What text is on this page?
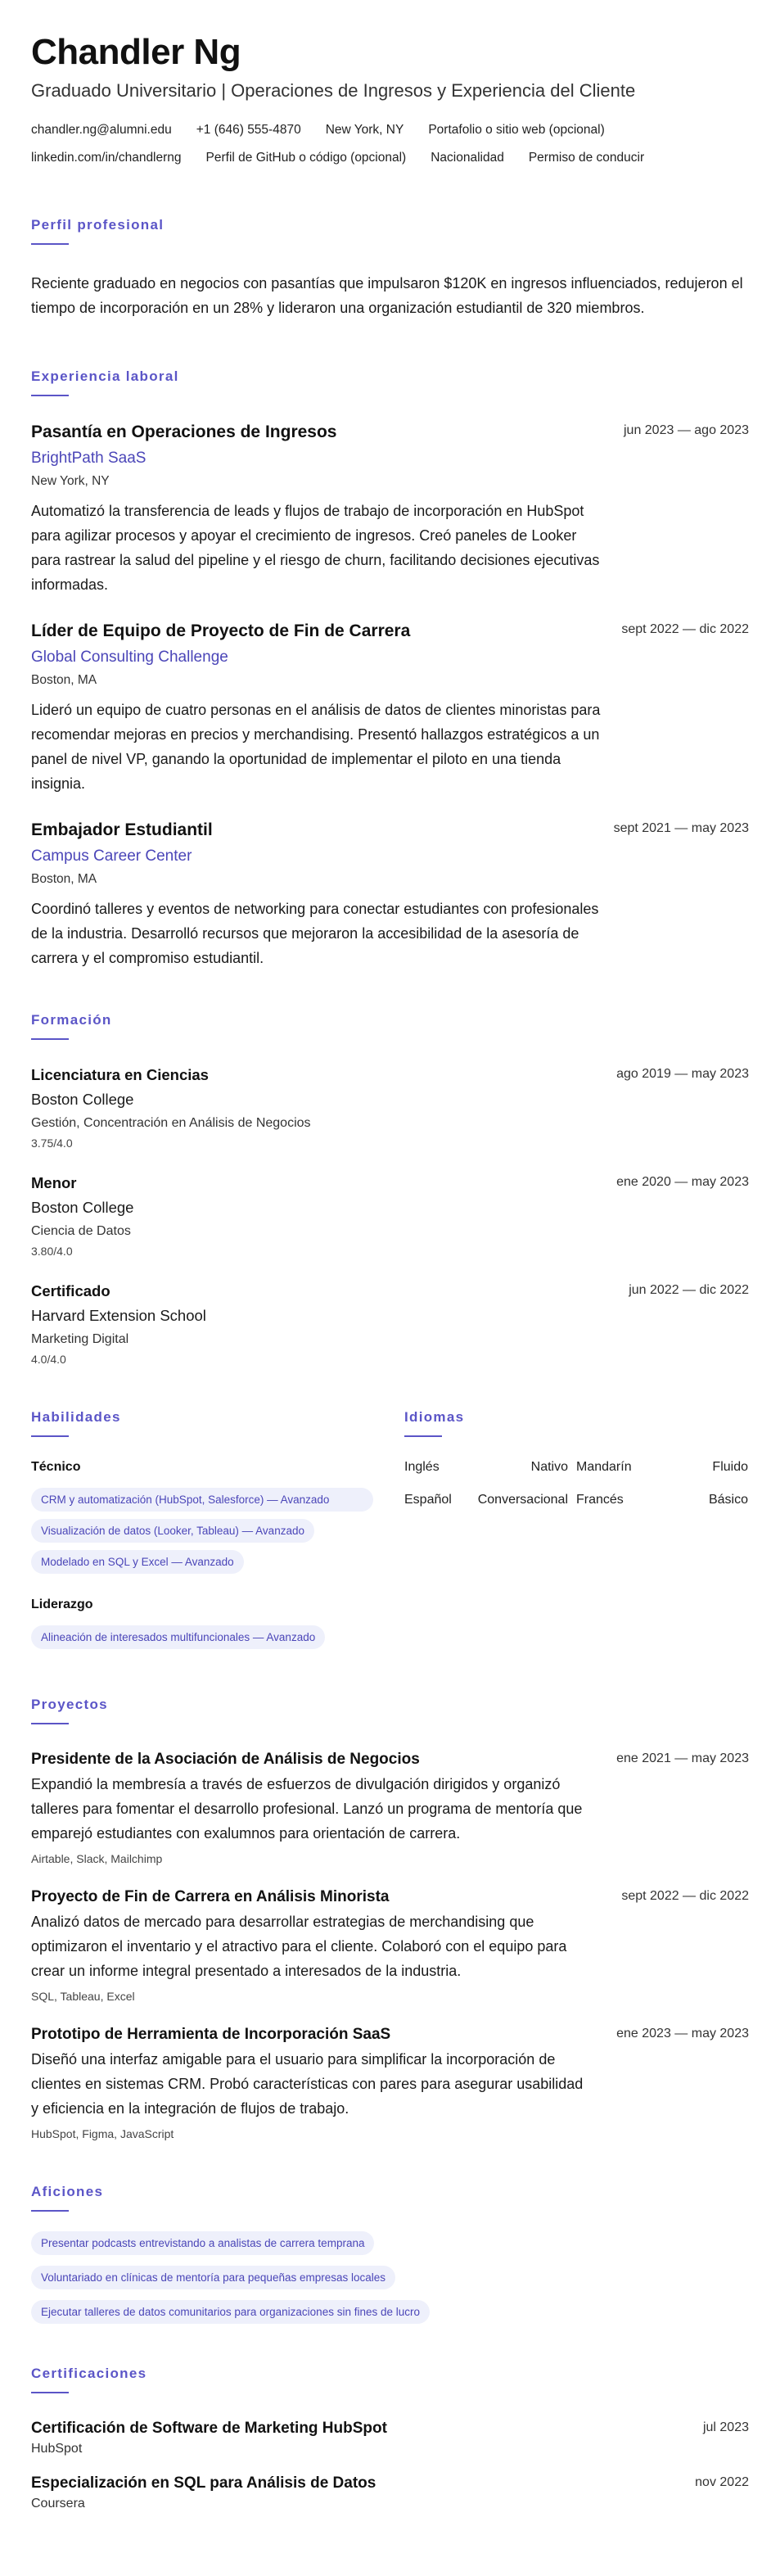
Chandler Ng
Graduado Universitario | Operaciones de Ingresos y Experiencia del Cliente
chandler.ng@alumni.edu +1 (646) 555-4870 New York, NY Portafolio o sitio web (opcional)
linkedin.com/in/chandlerng Perfil de GitHub o código (opcional) Nacionalidad Permiso de conducir
Perfil profesional
Reciente graduado en negocios con pasantías que impulsaron $120K en ingresos influenciados, redujeron el tiempo de incorporación en un 28% y lideraron una organización estudiantil de 320 miembros.
Experiencia laboral
Pasantía en Operaciones de Ingresos	jun 2023 — ago 2023
BrightPath SaaS
New York, NY
Automatizó la transferencia de leads y flujos de trabajo de incorporación en HubSpot para agilizar procesos y apoyar el crecimiento de ingresos. Creó paneles de Looker para rastrear la salud del pipeline y el riesgo de churn, facilitando decisiones ejecutivas informadas.
Líder de Equipo de Proyecto de Fin de Carrera	sept 2022 — dic 2022
Global Consulting Challenge
Boston, MA
Lideró un equipo de cuatro personas en el análisis de datos de clientes minoristas para recomendar mejoras en precios y merchandising. Presentó hallazgos estratégicos a un panel de nivel VP, ganando la oportunidad de implementar el piloto en una tienda insignia.
Embajador Estudiantil	sept 2021 — may 2023
Campus Career Center
Boston, MA
Coordinó talleres y eventos de networking para conectar estudiantes con profesionales de la industria. Desarrolló recursos que mejoraron la accesibilidad de la asesoría de carrera y el compromiso estudiantil.
Formación
Licenciatura en Ciencias	ago 2019 — may 2023
Boston College
Gestión, Concentración en Análisis de Negocios
3.75/4.0
Menor	ene 2020 — may 2023
Boston College
Ciencia de Datos
3.80/4.0
Certificado	jun 2022 — dic 2022
Harvard Extension School
Marketing Digital
4.0/4.0
Habilidades
Técnico
CRM y automatización (HubSpot, Salesforce) — Avanzado
Visualización de datos (Looker, Tableau) — Avanzado
Modelado en SQL y Excel — Avanzado
Liderazgo
Alineación de interesados multifuncionales — Avanzado
Idiomas
Inglés	Nativo Mandarín	Fluido
Español Conversacional Francés	Básico
Proyectos
Presidente de la Asociación de Análisis de Negocios	ene 2021 — may 2023
Expandió la membresía a través de esfuerzos de divulgación dirigidos y organizó talleres para fomentar el desarrollo profesional. Lanzó un programa de mentoría que emparejó estudiantes con exalumnos para orientación de carrera.
Airtable, Slack, Mailchimp
Proyecto de Fin de Carrera en Análisis Minorista	sept 2022 — dic 2022
Analizó datos de mercado para desarrollar estrategias de merchandising que optimizaron el inventario y el atractivo para el cliente. Colaboró con el equipo para crear un informe integral presentado a interesados de la industria.
SQL, Tableau, Excel
Prototipo de Herramienta de Incorporación SaaS	ene 2023 — may 2023
Diseñó una interfaz amigable para el usuario para simplificar la incorporación de clientes en sistemas CRM. Probó características con pares para asegurar usabilidad y eficiencia en la integración de flujos de trabajo.
HubSpot, Figma, JavaScript
Aficiones
Presentar podcasts entrevistando a analistas de carrera temprana
Voluntariado en clínicas de mentoría para pequeñas empresas locales
Ejecutar talleres de datos comunitarios para organizaciones sin fines de lucro
Certificaciones
Certificación de Software de Marketing HubSpot	jul 2023
HubSpot
Especialización en SQL para Análisis de Datos	nov 2022
Coursera
